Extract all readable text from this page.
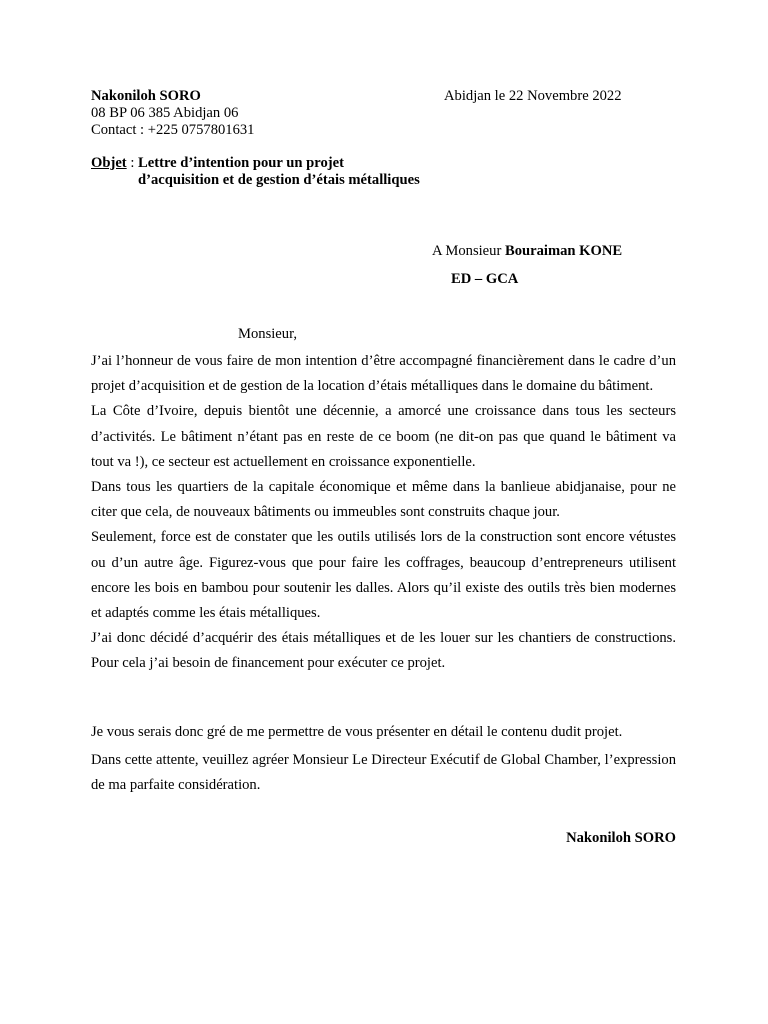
Nakoniloh SORO
08 BP 06 385 Abidjan 06
Contact : +225 0757801631
Abidjan le 22 Novembre 2022
Objet : Lettre d’intention pour un projet
d’acquisition et de gestion d’étais métalliques
A Monsieur Bouraiman KONE
ED – GCA
Monsieur,
J’ai l’honneur de vous faire de mon intention d’être accompagné financièrement dans le cadre d’un projet d’acquisition et de gestion de la location d’étais métalliques dans le domaine du bâtiment.
La Côte d’Ivoire, depuis bientôt une décennie, a amorcé une croissance dans tous les secteurs d’activités. Le bâtiment n’étant pas en reste de ce boom (ne dit-on pas que quand le bâtiment va tout va !), ce secteur est actuellement en croissance exponentielle.
Dans tous les quartiers de la capitale économique et même dans la banlieue abidjanaise, pour ne citer que cela, de nouveaux bâtiments ou immeubles sont construits chaque jour.
Seulement, force est de constater que les outils utilisés lors de la construction sont encore vétustes ou d’un autre âge. Figurez-vous que pour faire les coffrages, beaucoup d’entrepreneurs utilisent encore les bois en bambou pour soutenir les dalles. Alors qu’il existe des outils très bien modernes et adaptés comme les étais métalliques.
J’ai donc décidé d’acquérir des étais métalliques et de les louer sur les chantiers de constructions. Pour cela j’ai besoin de financement pour exécuter ce projet.
Je vous serais donc gré de me permettre de vous présenter en détail le contenu dudit projet.
Dans cette attente, veuillez agréer Monsieur Le Directeur Exécutif de Global Chamber, l’expression de ma parfaite considération.
Nakoniloh SORO
